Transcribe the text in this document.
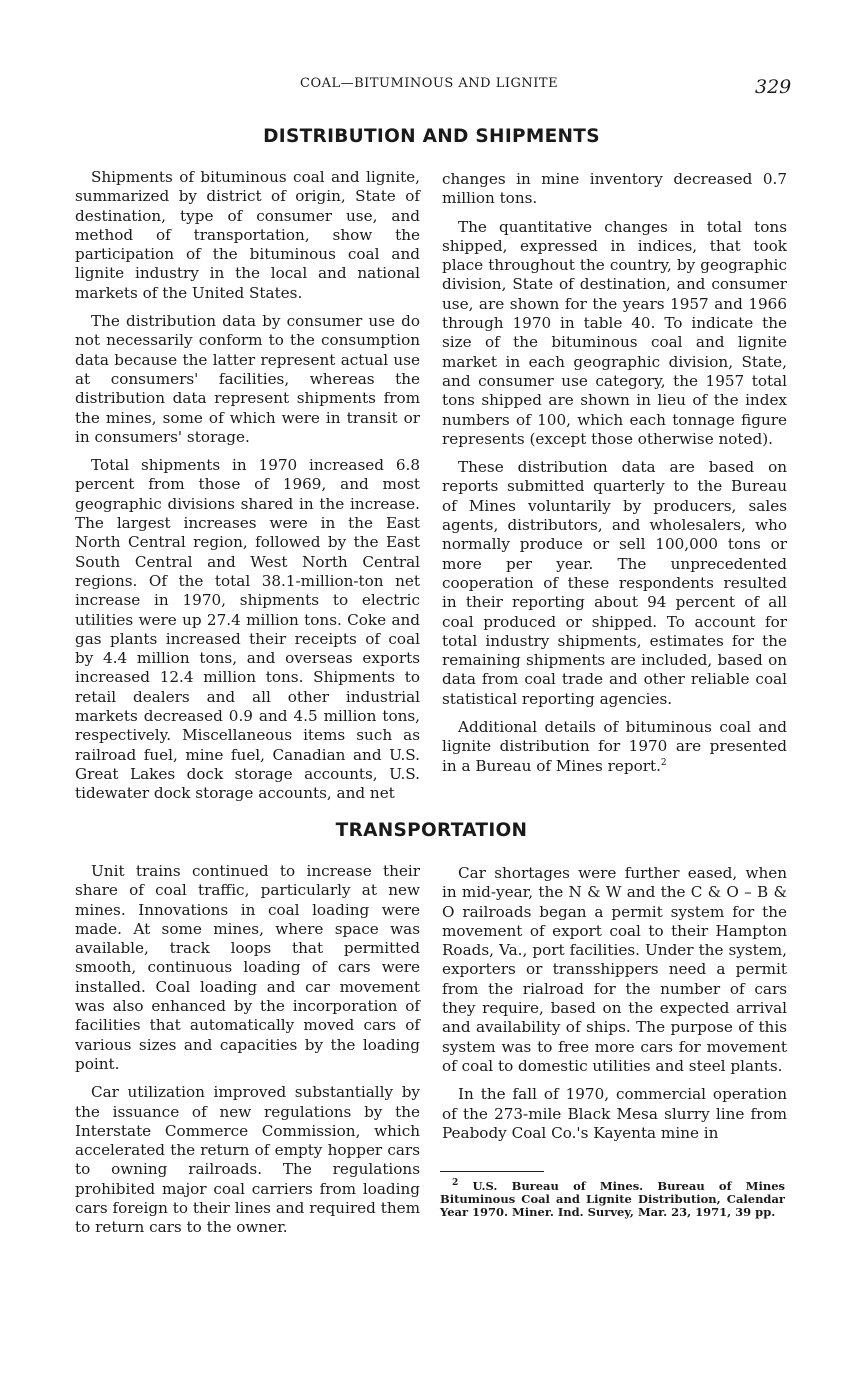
COAL—BITUMINOUS AND LIGNITE	329
DISTRIBUTION AND SHIPMENTS

Shipments of bituminous coal and lignite, summarized by district of origin, State of destination, type of consumer use, and method of transportation, show the participation of the bituminous coal and lignite industry in the local and national markets of the United States.

The distribution data by consumer use do not necessarily conform to the consumption data because the latter represent actual use at consumers' facilities, whereas the distribution data represent shipments from the mines, some of which were in transit or in consumers' storage.

Total shipments in 1970 increased 6.8 percent from those of 1969, and most geographic divisions shared in the increase. The largest increases were in the East North Central region, followed by the East South Central and West North Central regions. Of the total 38.1-million-ton net increase in 1970, shipments to electric utilities were up 27.4 million tons. Coke and gas plants increased their receipts of coal by 4.4 million tons, and overseas exports increased 12.4 million tons. Shipments to retail dealers and all other industrial markets decreased 0.9 and 4.5 million tons, respectively. Miscellaneous items such as railroad fuel, mine fuel, Canadian and U.S. Great Lakes dock storage accounts, U.S. tidewater dock storage accounts, and net

changes in mine inventory decreased 0.7 million tons.

The quantitative changes in total tons shipped, expressed in indices, that took place throughout the country, by geographic division, State of destination, and consumer use, are shown for the years 1957 and 1966 through 1970 in table 40. To indicate the size of the bituminous coal and lignite market in each geographic division, State, and consumer use category, the 1957 total tons shipped are shown in lieu of the index numbers of 100, which each tonnage figure represents (except those otherwise noted).

These distribution data are based on reports submitted quarterly to the Bureau of Mines voluntarily by producers, sales agents, distributors, and wholesalers, who normally produce or sell 100,000 tons or more per year. The unprecedented cooperation of these respondents resulted in their reporting about 94 percent of all coal produced or shipped. To account for total industry shipments, estimates for the remaining shipments are included, based on data from coal trade and other reliable coal statistical reporting agencies.

Additional details of bituminous coal and lignite distribution for 1970 are presented in a Bureau of Mines report.$^2$

TRANSPORTATION

Unit trains continued to increase their share of coal traffic, particularly at new mines. Innovations in coal loading were made. At some mines, where space was available, track loops that permitted smooth, continuous loading of cars were installed. Coal loading and car movement was also enhanced by the incorporation of facilities that automatically moved cars of various sizes and capacities by the loading point.

Car utilization improved substantially by the issuance of new regulations by the Interstate Commerce Commission, which accelerated the return of empty hopper cars to owning railroads. The regulations prohibited major coal carriers from loading cars foreign to their lines and required them to return cars to the owner.

Car shortages were further eased, when in mid-year, the N & W and the C & O – B & O railroads began a permit system for the movement of export coal to their Hampton Roads, Va., port facilities. Under the system, exporters or transshippers need a permit from the rialroad for the number of cars they require, based on the expected arrival and availability of ships. The purpose of this system was to free more cars for movement of coal to domestic utilities and steel plants.

In the fall of 1970, commercial operation of the 273-mile Black Mesa slurry line from Peabody Coal Co.'s Kayenta mine in

$^2$ U.S. Bureau of Mines. Bureau of Mines Bituminous Coal and Lignite Distribution, Calendar Year 1970. Miner. Ind. Survey, Mar. 23, 1971, 39 pp.
